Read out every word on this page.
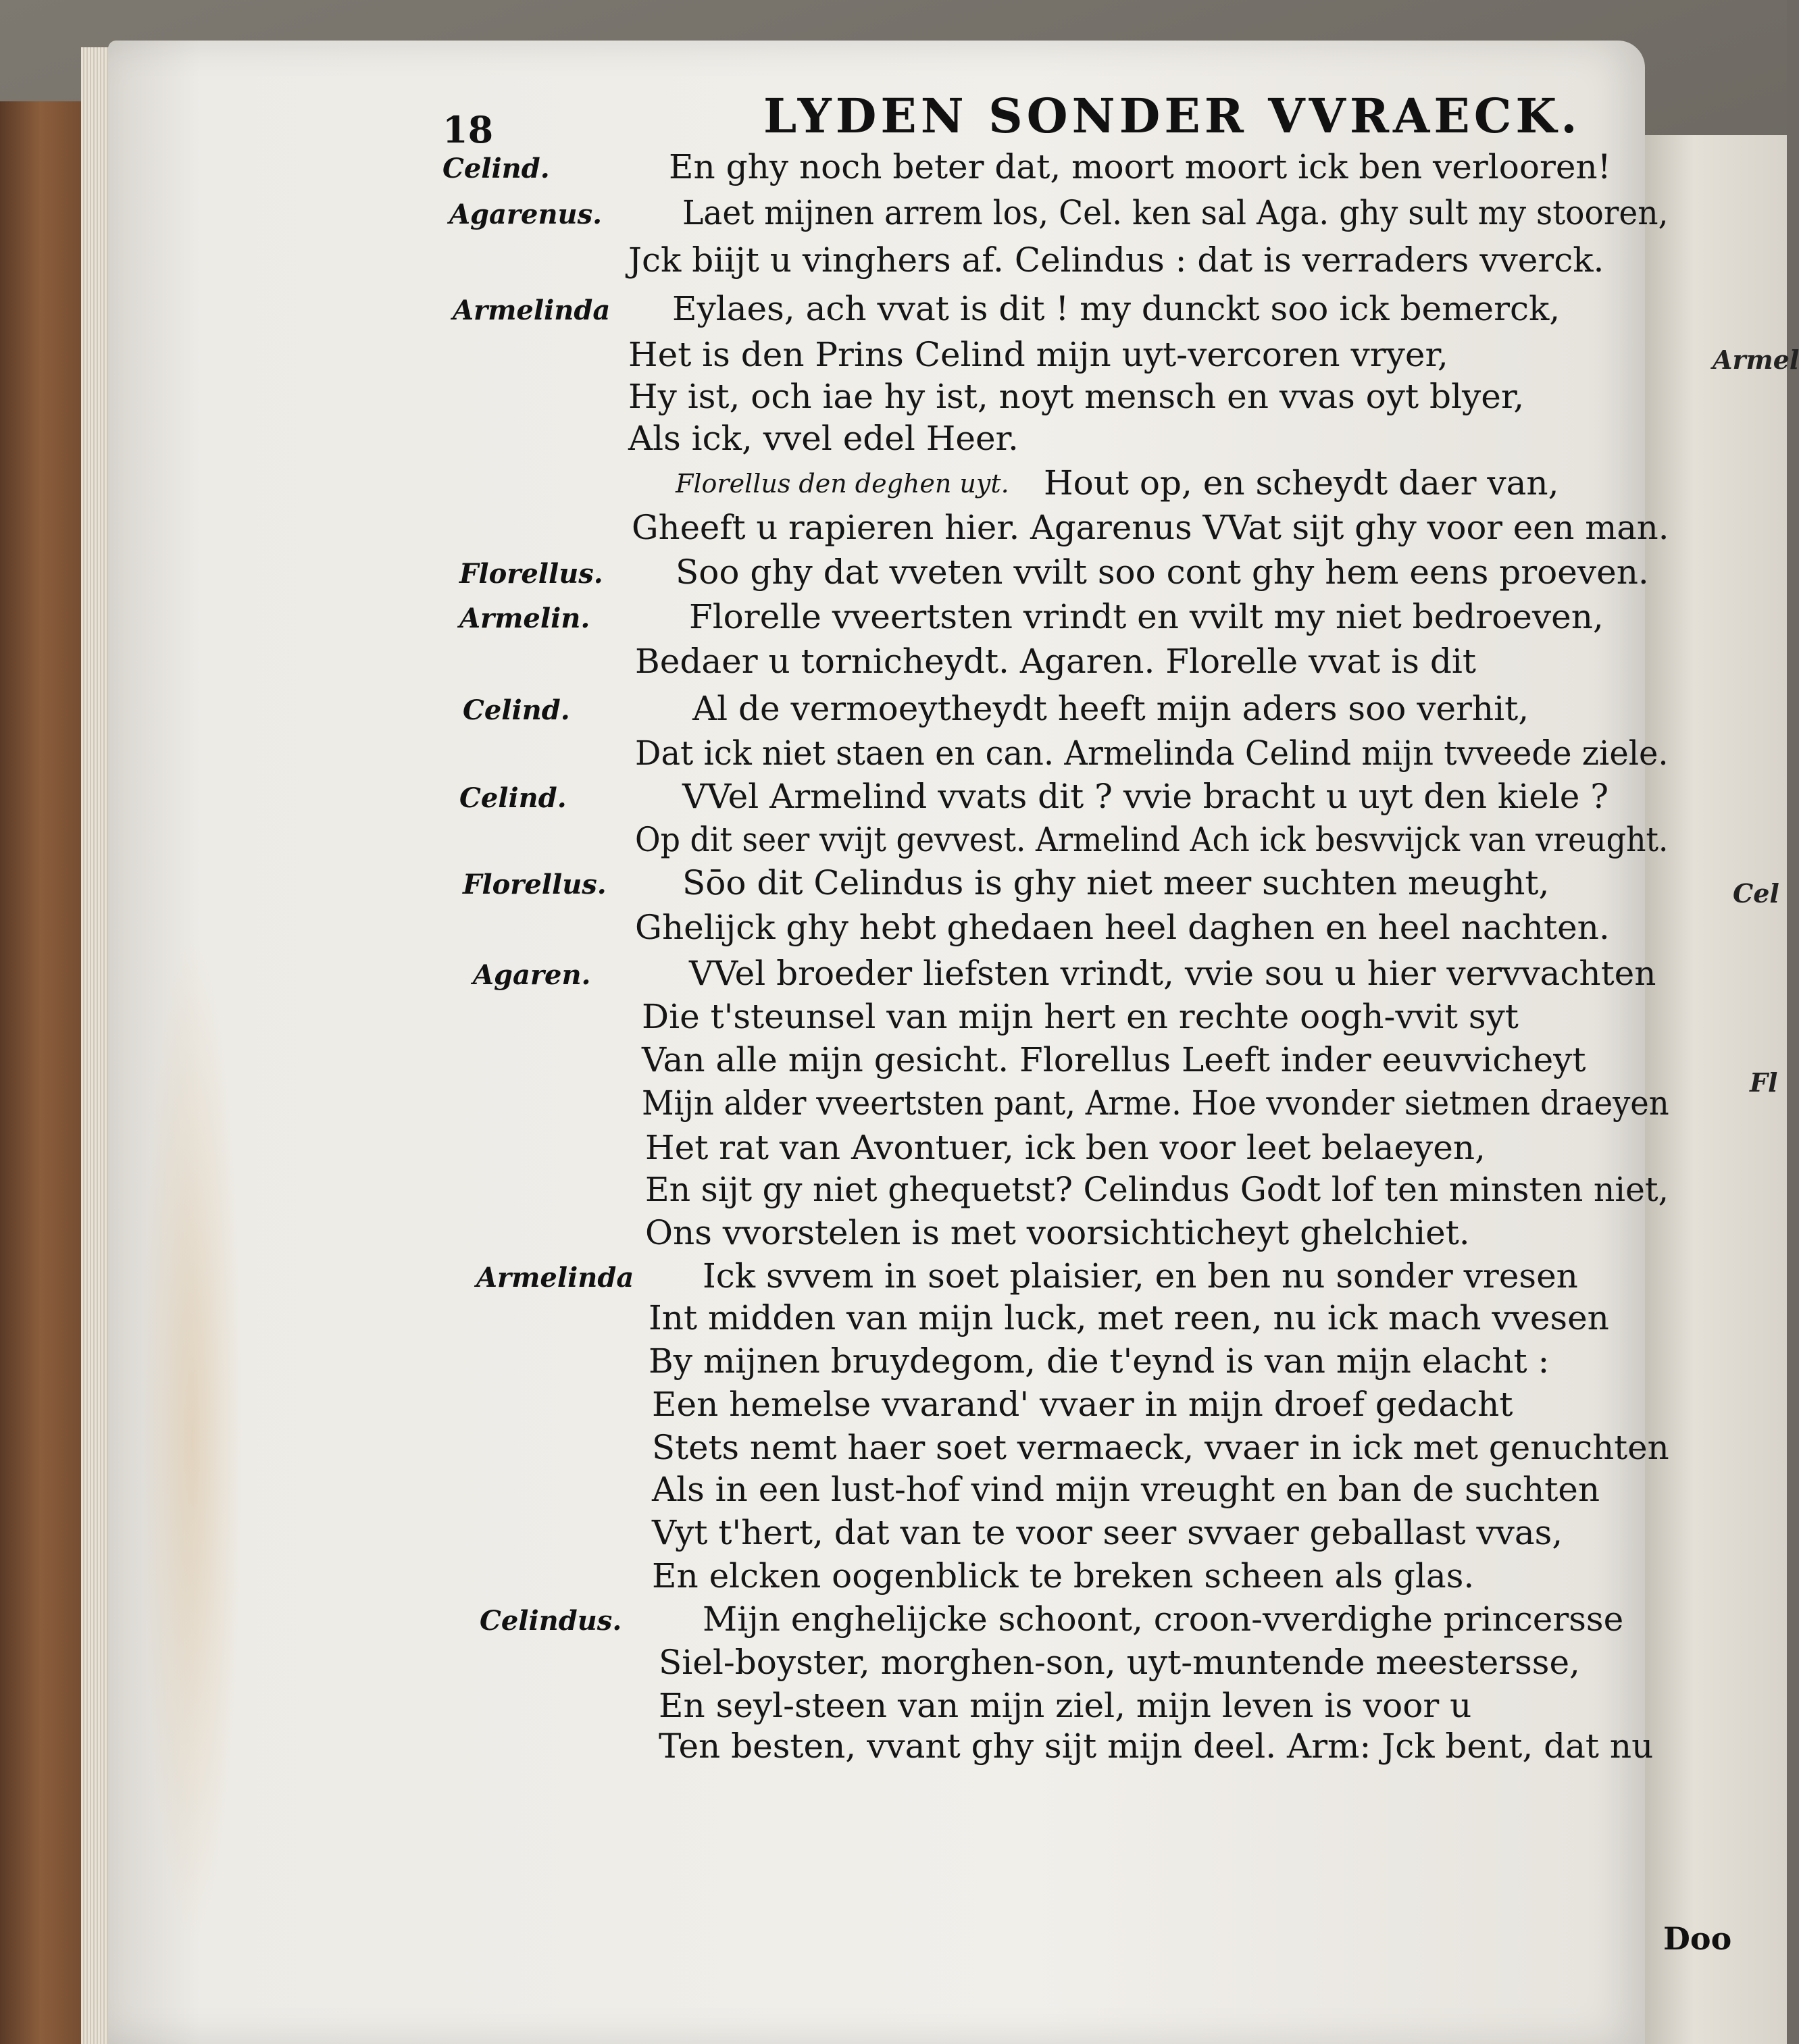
Armel
Cel
Fl
18	LYDEN SONDER VVRAECK.
Celind.	En ghy noch beter dat, moort moort ick ben verlooren!
Agarenus. Laet mijnen arrem los, Cel. ken sal Aga. ghy sult my stooren,
Jck biijt u vinghers af. Celindus : dat is verraders vverck.
Armelinda Eylaes, ach vvat is dit ! my dunckt soo ick bemerck,
Het is den Prins Celind mijn uyt-vercoren vryer,
Hy ist, och iae hy ist, noyt mensch en vvas oyt blyer,
Als ick, vvel edel Heer.
Florellus den deghen uyt. Hout op, en scheydt daer van,
Gheeft u rapieren hier. Agarenus VVat sijt ghy voor een man.
Florellus. Soo ghy dat vveten vvilt soo cont ghy hem eens proeven.
Armelin.	Florelle vveertsten vrindt en vvilt my niet bedroeven,
Bedaer u tornicheydt. Agaren. Florelle vvat is dit
Celind.	Al de vermoeytheydt heeft mijn aders soo verhit,
Dat ick niet staen en can. Armelinda Celind mijn tvveede ziele.
Celind.	VVel Armelind vvats dit ? vvie bracht u uyt den kiele ?
Op dit seer vvijt gevvest. Armelind Ach ick besvvijck van vreught.
Florellus. Sōo dit Celindus is ghy niet meer suchten meught,
Ghelijck ghy hebt ghedaen heel daghen en heel nachten.
Agaren.	VVel broeder liefsten vrindt, vvie sou u hier vervvachten
Die t'steunsel van mijn hert en rechte oogh-vvit syt
Van alle mijn gesicht. Florellus Leeft inder eeuvvicheyt
Mijn alder vveertsten pant, Arme. Hoe vvonder sietmen draeyen
Het rat van Avontuer, ick ben voor leet belaeyen,
En sijt gy niet ghequetst? Celindus Godt lof ten minsten niet,
Ons vvorstelen is met voorsichticheyt ghelchiet.
Armelinda Ick svvem in soet plaisier, en ben nu sonder vresen
Int midden van mijn luck, met reen, nu ick mach vvesen
By mijnen bruydegom, die t'eynd is van mijn elacht :
Een hemelse vvarand' vvaer in mijn droef gedacht
Stets nemt haer soet vermaeck, vvaer in ick met genuchten
Als in een lust-hof vind mijn vreught en ban de suchten
Vyt t'hert, dat van te voor seer svvaer geballast vvas,
En elcken oogenblick te breken scheen als glas.
Celindus. Mijn enghelijcke schoont, croon-vverdighe princersse
Siel-boyster, morghen-son, uyt-muntende meestersse,
En seyl-steen van mijn ziel, mijn leven is voor u
Ten besten, vvant ghy sijt mijn deel. Arm: Jck bent, dat nu
Doo
